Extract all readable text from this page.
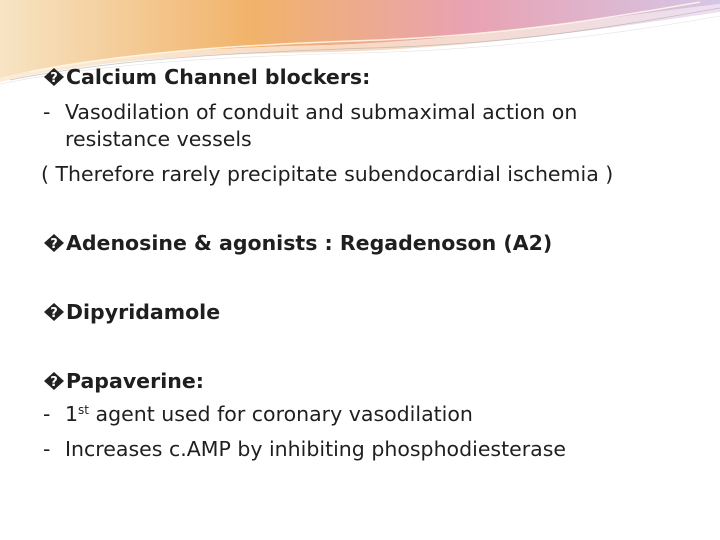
? Calcium Channel blockers:
- Vasodilation of conduit and submaximal action on
resistance vessels
( Therefore rarely precipitate subendocardial ischemia )
? Adenosine & agonists : Regadenoson (A2)
? Dipyridamole
? Papaverine:
- 1st agent used for coronary vasodilation
- Increases c.AMP by inhibiting phosphodiesterase
